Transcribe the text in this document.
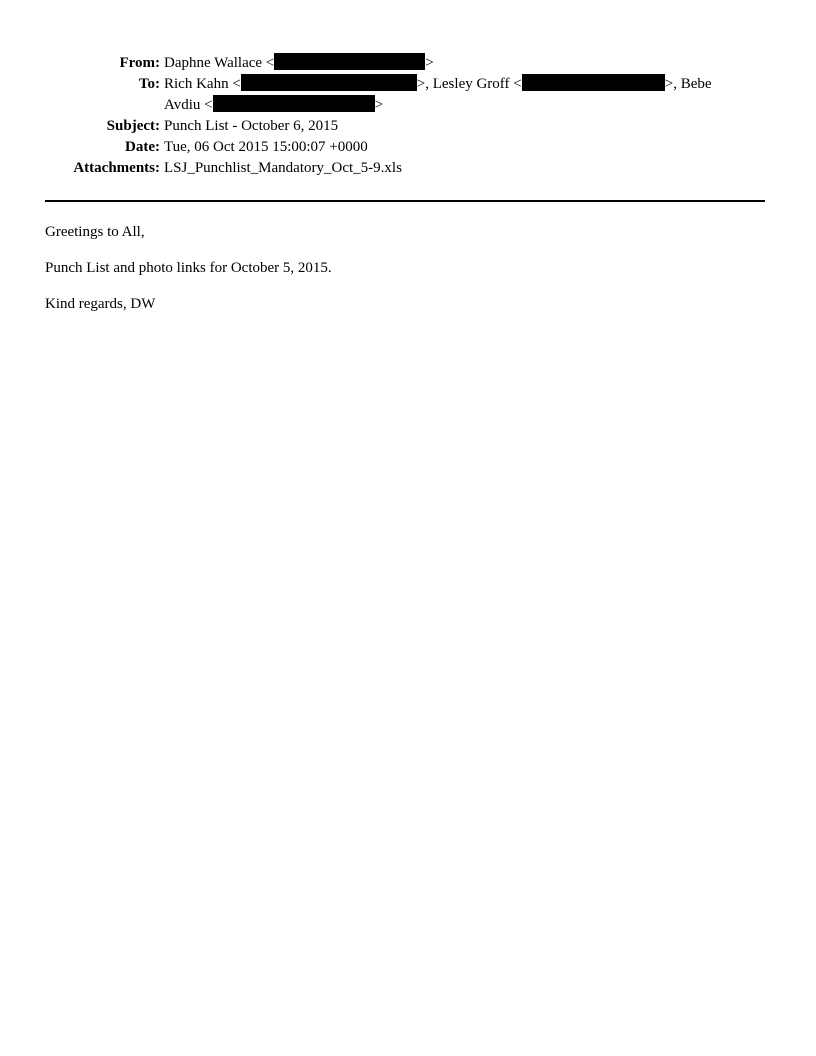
From: Daphne Wallace <	>
To: Rich Kahn <	>, Lesley Groff <	>, Bebe
Avdiu <	>
Subject: Punch List - October 6, 2015
Date: Tue, 06 Oct 2015 15:00:07 +0000
Attachments: LSJ_Punchlist_Mandatory_Oct_5-9.xls

Greetings to All,

Punch List and photo links for October 5, 2015.

Kind regards, DW
